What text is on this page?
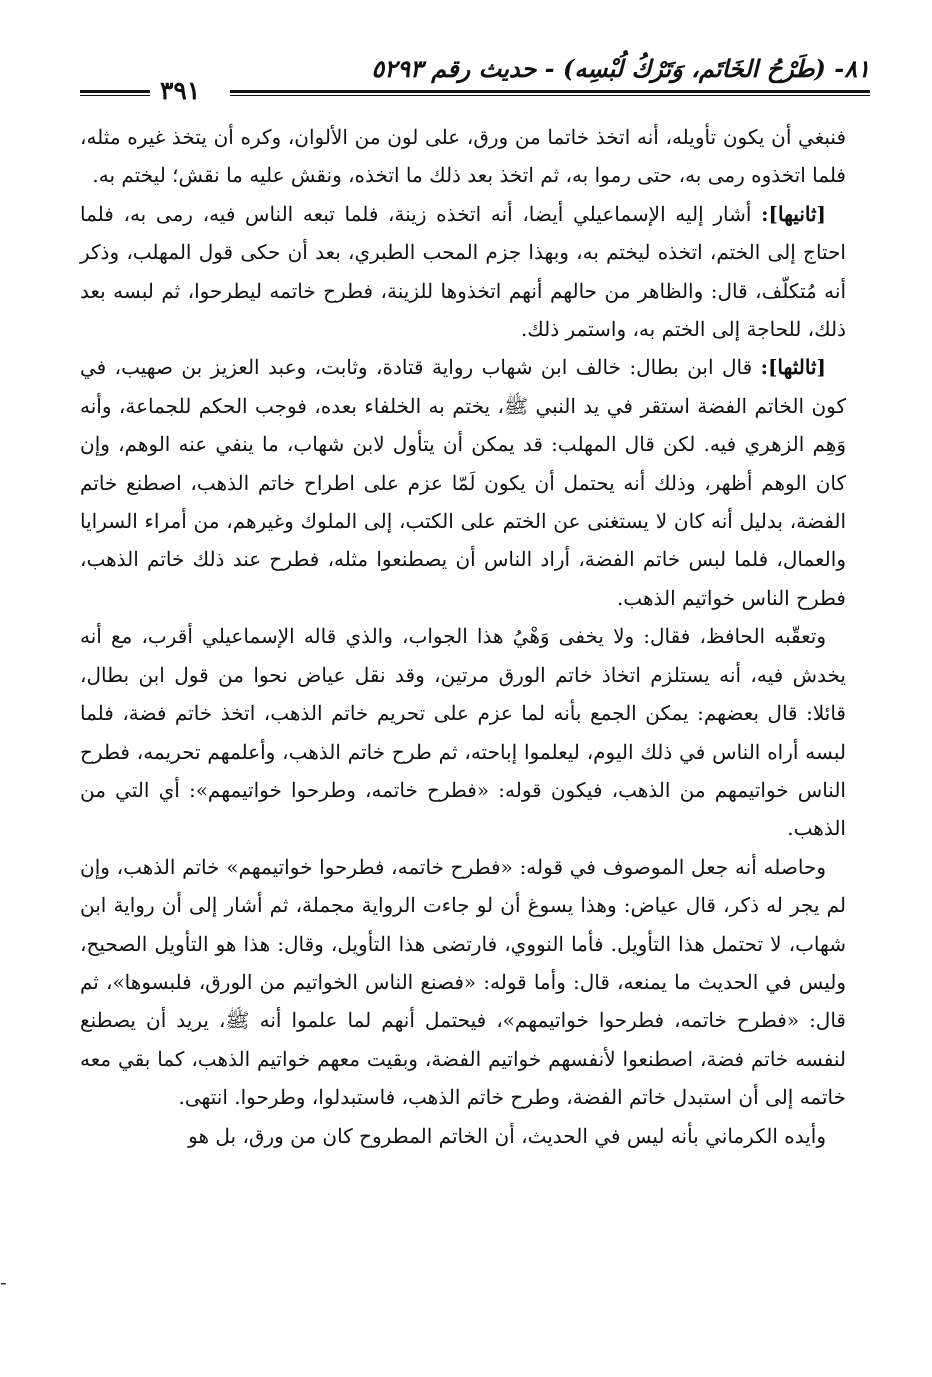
٨١- (طَرْحُ الخَاتَم، وَتَرْكُ لُبْسِه) - حديث رقم ٥٢٩٣
٣٩١

فنبغي أن يكون تأويله، أنه اتخذ خاتما من ورق، على لون من الألوان، وكره أن يتخذ غيره مثله، فلما اتخذوه رمى به، حتى رموا به، ثم اتخذ بعد ذلك ما اتخذه، ونقش عليه ما نقش؛ ليختم به.

[ثانيها]: أشار إليه الإسماعيلي أيضا، أنه اتخذه زينة، فلما تبعه الناس فيه، رمى به، فلما احتاج إلى الختم، اتخذه ليختم به، وبهذا جزم المحب الطبري، بعد أن حكى قول المهلب، وذكر أنه مُتكلّف، قال: والظاهر من حالهم أنهم اتخذوها للزينة، فطرح خاتمه ليطرحوا، ثم لبسه بعد ذلك، للحاجة إلى الختم به، واستمر ذلك.

[ثالثها]: قال ابن بطال: خالف ابن شهاب رواية قتادة، وثابت، وعبد العزيز بن صهيب، في كون الخاتم الفضة استقر في يد النبي ﷺ، يختم به الخلفاء بعده، فوجب الحكم للجماعة، وأنه وَهِم الزهري فيه. لكن قال المهلب: قد يمكن أن يتأول لابن شهاب، ما ينفي عنه الوهم، وإن كان الوهم أظهر، وذلك أنه يحتمل أن يكون لَمّا عزم على اطراح خاتم الذهب، اصطنع خاتم الفضة، بدليل أنه كان لا يستغنى عن الختم على الكتب، إلى الملوك وغيرهم، من أمراء السرايا والعمال، فلما لبس خاتم الفضة، أراد الناس أن يصطنعوا مثله، فطرح عند ذلك خاتم الذهب، فطرح الناس خواتيم الذهب.

وتعقّبه الحافظ، فقال: ولا يخفى وَهْيُ هذا الجواب، والذي قاله الإسماعيلي أقرب، مع أنه يخدش فيه، أنه يستلزم اتخاذ خاتم الورق مرتين، وقد نقل عياض نحوا من قول ابن بطال، قائلا: قال بعضهم: يمكن الجمع بأنه لما عزم على تحريم خاتم الذهب، اتخذ خاتم فضة، فلما لبسه أراه الناس في ذلك اليوم، ليعلموا إباحته، ثم طرح خاتم الذهب، وأعلمهم تحريمه، فطرح الناس خواتيمهم من الذهب، فيكون قوله: «فطرح خاتمه، وطرحوا خواتيمهم»: أي التي من الذهب.

وحاصله أنه جعل الموصوف في قوله: «فطرح خاتمه، فطرحوا خواتيمهم» خاتم الذهب، وإن لم يجر له ذكر، قال عياض: وهذا يسوغ أن لو جاءت الرواية مجملة، ثم أشار إلى أن رواية ابن شهاب، لا تحتمل هذا التأويل. فأما النووي، فارتضى هذا التأويل، وقال: هذا هو التأويل الصحيح، وليس في الحديث ما يمنعه، قال: وأما قوله: «فصنع الناس الخواتيم من الورق، فلبسوها»، ثم قال: «فطرح خاتمه، فطرحوا خواتيمهم»، فيحتمل أنهم لما علموا أنه ﷺ، يريد أن يصطنع لنفسه خاتم فضة، اصطنعوا لأنفسهم خواتيم الفضة، وبقيت معهم خواتيم الذهب، كما بقي معه خاتمه إلى أن استبدل خاتم الفضة، وطرح خاتم الذهب، فاستبدلوا، وطرحوا. انتهى.

وأيده الكرماني بأنه ليس في الحديث، أن الخاتم المطروح كان من ورق، بل هو

-
